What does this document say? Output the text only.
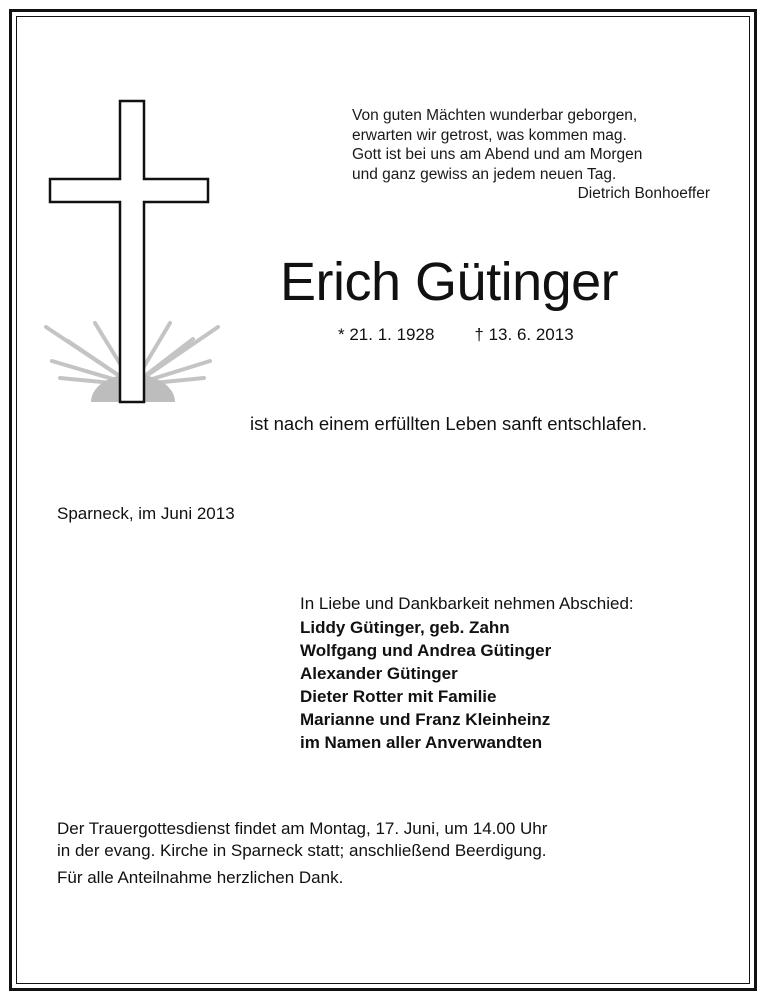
Von guten Mächten wunderbar geborgen,
erwarten wir getrost, was kommen mag.
Gott ist bei uns am Abend und am Morgen
und ganz gewiss an jedem neuen Tag.
Dietrich Bonhoeffer
Erich Gütinger
* 21. 1. 1928 † 13. 6. 2013
ist nach einem erfüllten Leben sanft entschlafen.
Sparneck, im Juni 2013
In Liebe und Dankbarkeit nehmen Abschied:
Liddy Gütinger, geb. Zahn
Wolfgang und Andrea Gütinger
Alexander Gütinger
Dieter Rotter mit Familie
Marianne und Franz Kleinheinz
im Namen aller Anverwandten
Der Trauergottesdienst findet am Montag, 17. Juni, um 14.00 Uhr
in der evang. Kirche in Sparneck statt; anschließend Beerdigung.
Für alle Anteilnahme herzlichen Dank.
